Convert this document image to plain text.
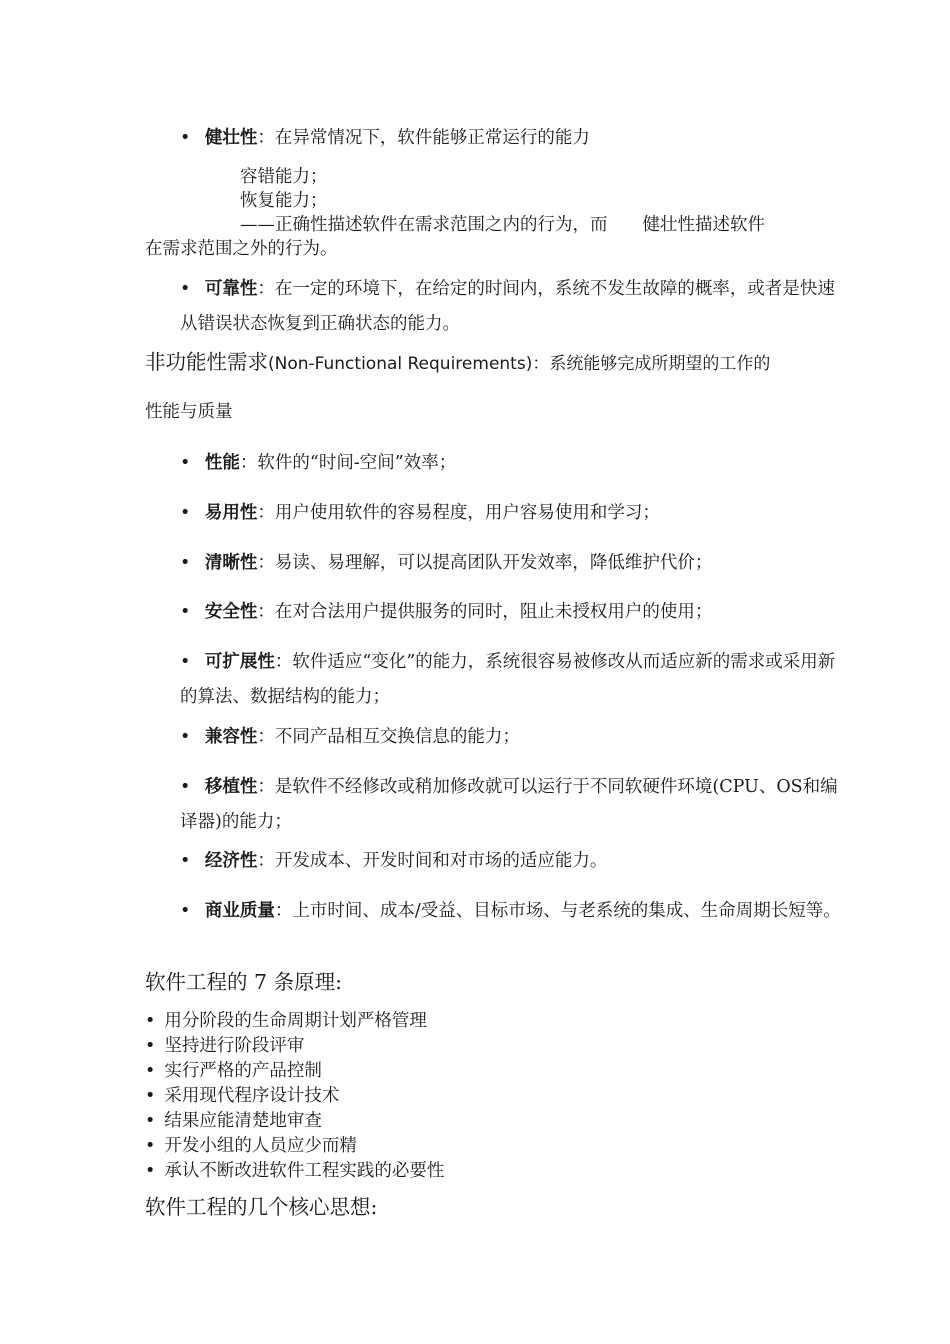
• 健壮性：在异常情况下，软件能够正常运行的能力
容错能力；
恢复能力；
——正确性描述软件在需求范围之内的行为，而　　健壮性描述软件
在需求范围之外的行为。
• 可靠性：在一定的环境下，在给定的时间内，系统不发生故障的概率，或者是快速从错误状态恢复到正确状态的能力。
非功能性需求(Non-Functional Requirements)：系统能够完成所期望的工作的
性能与质量
• 性能：软件的“时间-空间”效率；
• 易用性：用户使用软件的容易程度，用户容易使用和学习；
• 清晰性：易读、易理解，可以提高团队开发效率，降低维护代价；
• 安全性：在对合法用户提供服务的同时，阻止未授权用户的使用；
• 可扩展性：软件适应“变化”的能力，系统很容易被修改从而适应新的需求或采用新的算法、数据结构的能力；
• 兼容性：不同产品相互交换信息的能力；
• 移植性：是软件不经修改或稍加修改就可以运行于不同软硬件环境(CPU、OS和编译器)的能力；
• 经济性：开发成本、开发时间和对市场的适应能力。
• 商业质量：上市时间、成本/受益、目标市场、与老系统的集成、生命周期长短等。
软件工程的 7 条原理:
• 用分阶段的生命周期计划严格管理
• 坚持进行阶段评审
• 实行严格的产品控制
• 采用现代程序设计技术
• 结果应能清楚地审查
• 开发小组的人员应少而精
• 承认不断改进软件工程实践的必要性
软件工程的几个核心思想:
